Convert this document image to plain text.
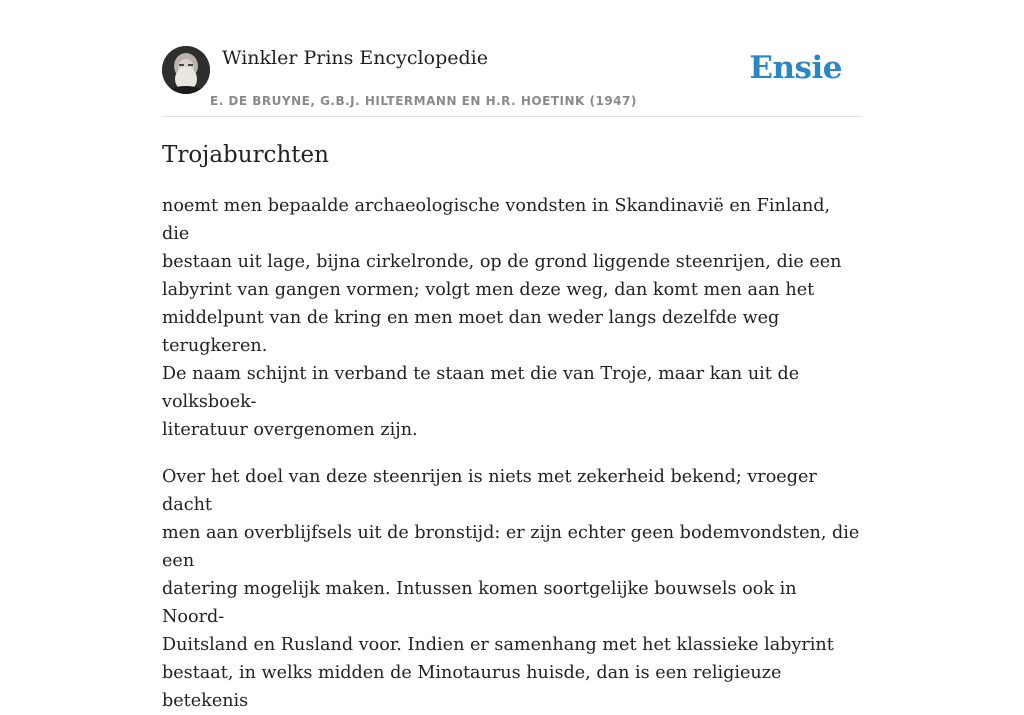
Winkler Prins Encyclopedie
E. DE BRUYNE, G.B.J. HILTERMANN EN H.R. HOETINK (1947)
Ensie
Trojaburchten

noemt men bepaalde archaeologische vondsten in Skandinavië en Finland, die
bestaan uit lage, bijna cirkelronde, op de grond liggende steenrijen, die een
labyrint van gangen vormen; volgt men deze weg, dan komt men aan het
middelpunt van de kring en men moet dan weder langs dezelfde weg terugkeren.
De naam schijnt in verband te staan met die van Troje, maar kan uit de volksboek-
literatuur overgenomen zijn.

Over het doel van deze steenrijen is niets met zekerheid bekend; vroeger dacht
men aan overblijfsels uit de bronstijd: er zijn echter geen bodemvondsten, die een
datering mogelijk maken. Intussen komen soortgelijke bouwsels ook in Noord-
Duitsland en Rusland voor. Indien er samenhang met het klassieke labyrint
bestaat, in welks midden de Minotaurus huisde, dan is een religieuze betekenis
